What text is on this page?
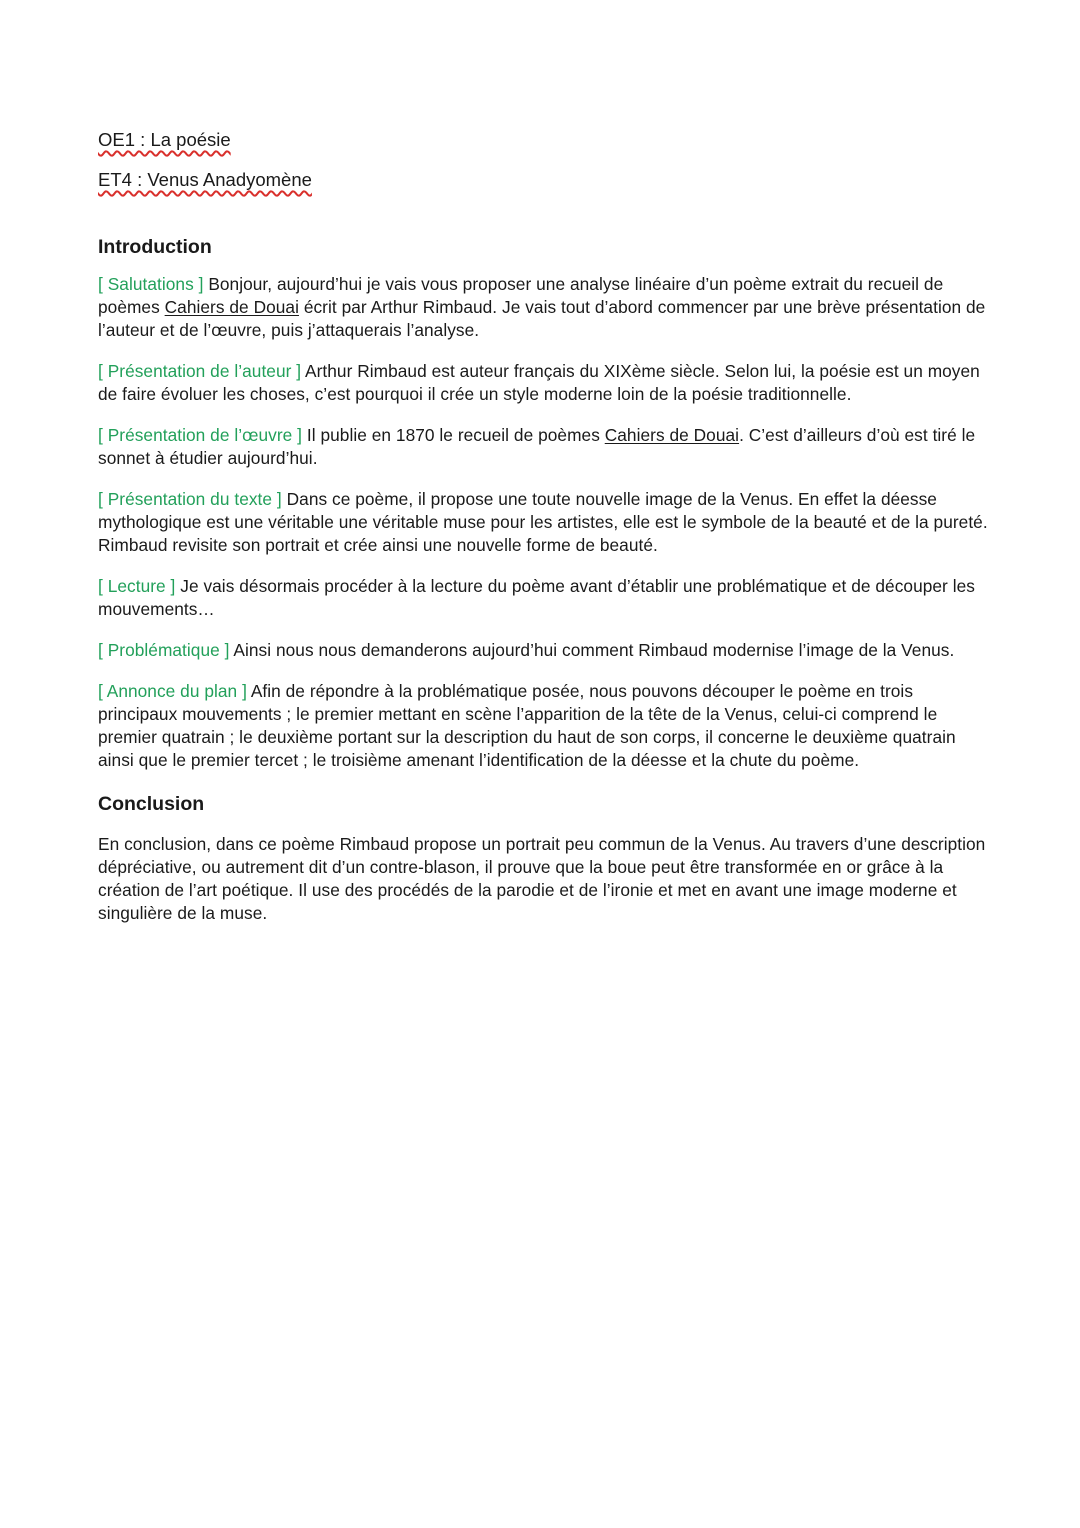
OE1 : La poésie
ET4 : Venus Anadyomène
Introduction

[ Salutations ] Bonjour, aujourd’hui je vais vous proposer une analyse linéaire d’un poème extrait du recueil de poèmes Cahiers de Douai écrit par Arthur Rimbaud. Je vais tout d’abord commencer par une brève présentation de l’auteur et de l’œuvre, puis j’attaquerais l’analyse.

[ Présentation de l’auteur ] Arthur Rimbaud est auteur français du XIXème siècle. Selon lui, la poésie est un moyen de faire évoluer les choses, c’est pourquoi il crée un style moderne loin de la poésie traditionnelle.

[ Présentation de l’œuvre ] Il publie en 1870 le recueil de poèmes Cahiers de Douai. C’est d’ailleurs d’où est tiré le sonnet à étudier aujourd’hui.

[ Présentation du texte ] Dans ce poème, il propose une toute nouvelle image de la Venus. En effet la déesse mythologique est une véritable une véritable muse pour les artistes, elle est le symbole de la beauté et de la pureté. Rimbaud revisite son portrait et crée ainsi une nouvelle forme de beauté.

[ Lecture ] Je vais désormais procéder à la lecture du poème avant d’établir une problématique et de découper les mouvements…

[ Problématique ] Ainsi nous nous demanderons aujourd’hui comment Rimbaud modernise l’image de la Venus.

[ Annonce du plan ] Afin de répondre à la problématique posée, nous pouvons découper le poème en trois principaux mouvements ; le premier mettant en scène l’apparition de la tête de la Venus, celui-ci comprend le premier quatrain ; le deuxième portant sur la description du haut de son corps, il concerne le deuxième quatrain ainsi que le premier tercet ; le troisième amenant l’identification de la déesse et la chute du poème.

Conclusion

En conclusion, dans ce poème Rimbaud propose un portrait peu commun de la Venus. Au travers d’une description dépréciative, ou autrement dit d’un contre-blason, il prouve que la boue peut être transformée en or grâce à la création de l’art poétique. Il use des procédés de la parodie et de l’ironie et met en avant une image moderne et singulière de la muse.
